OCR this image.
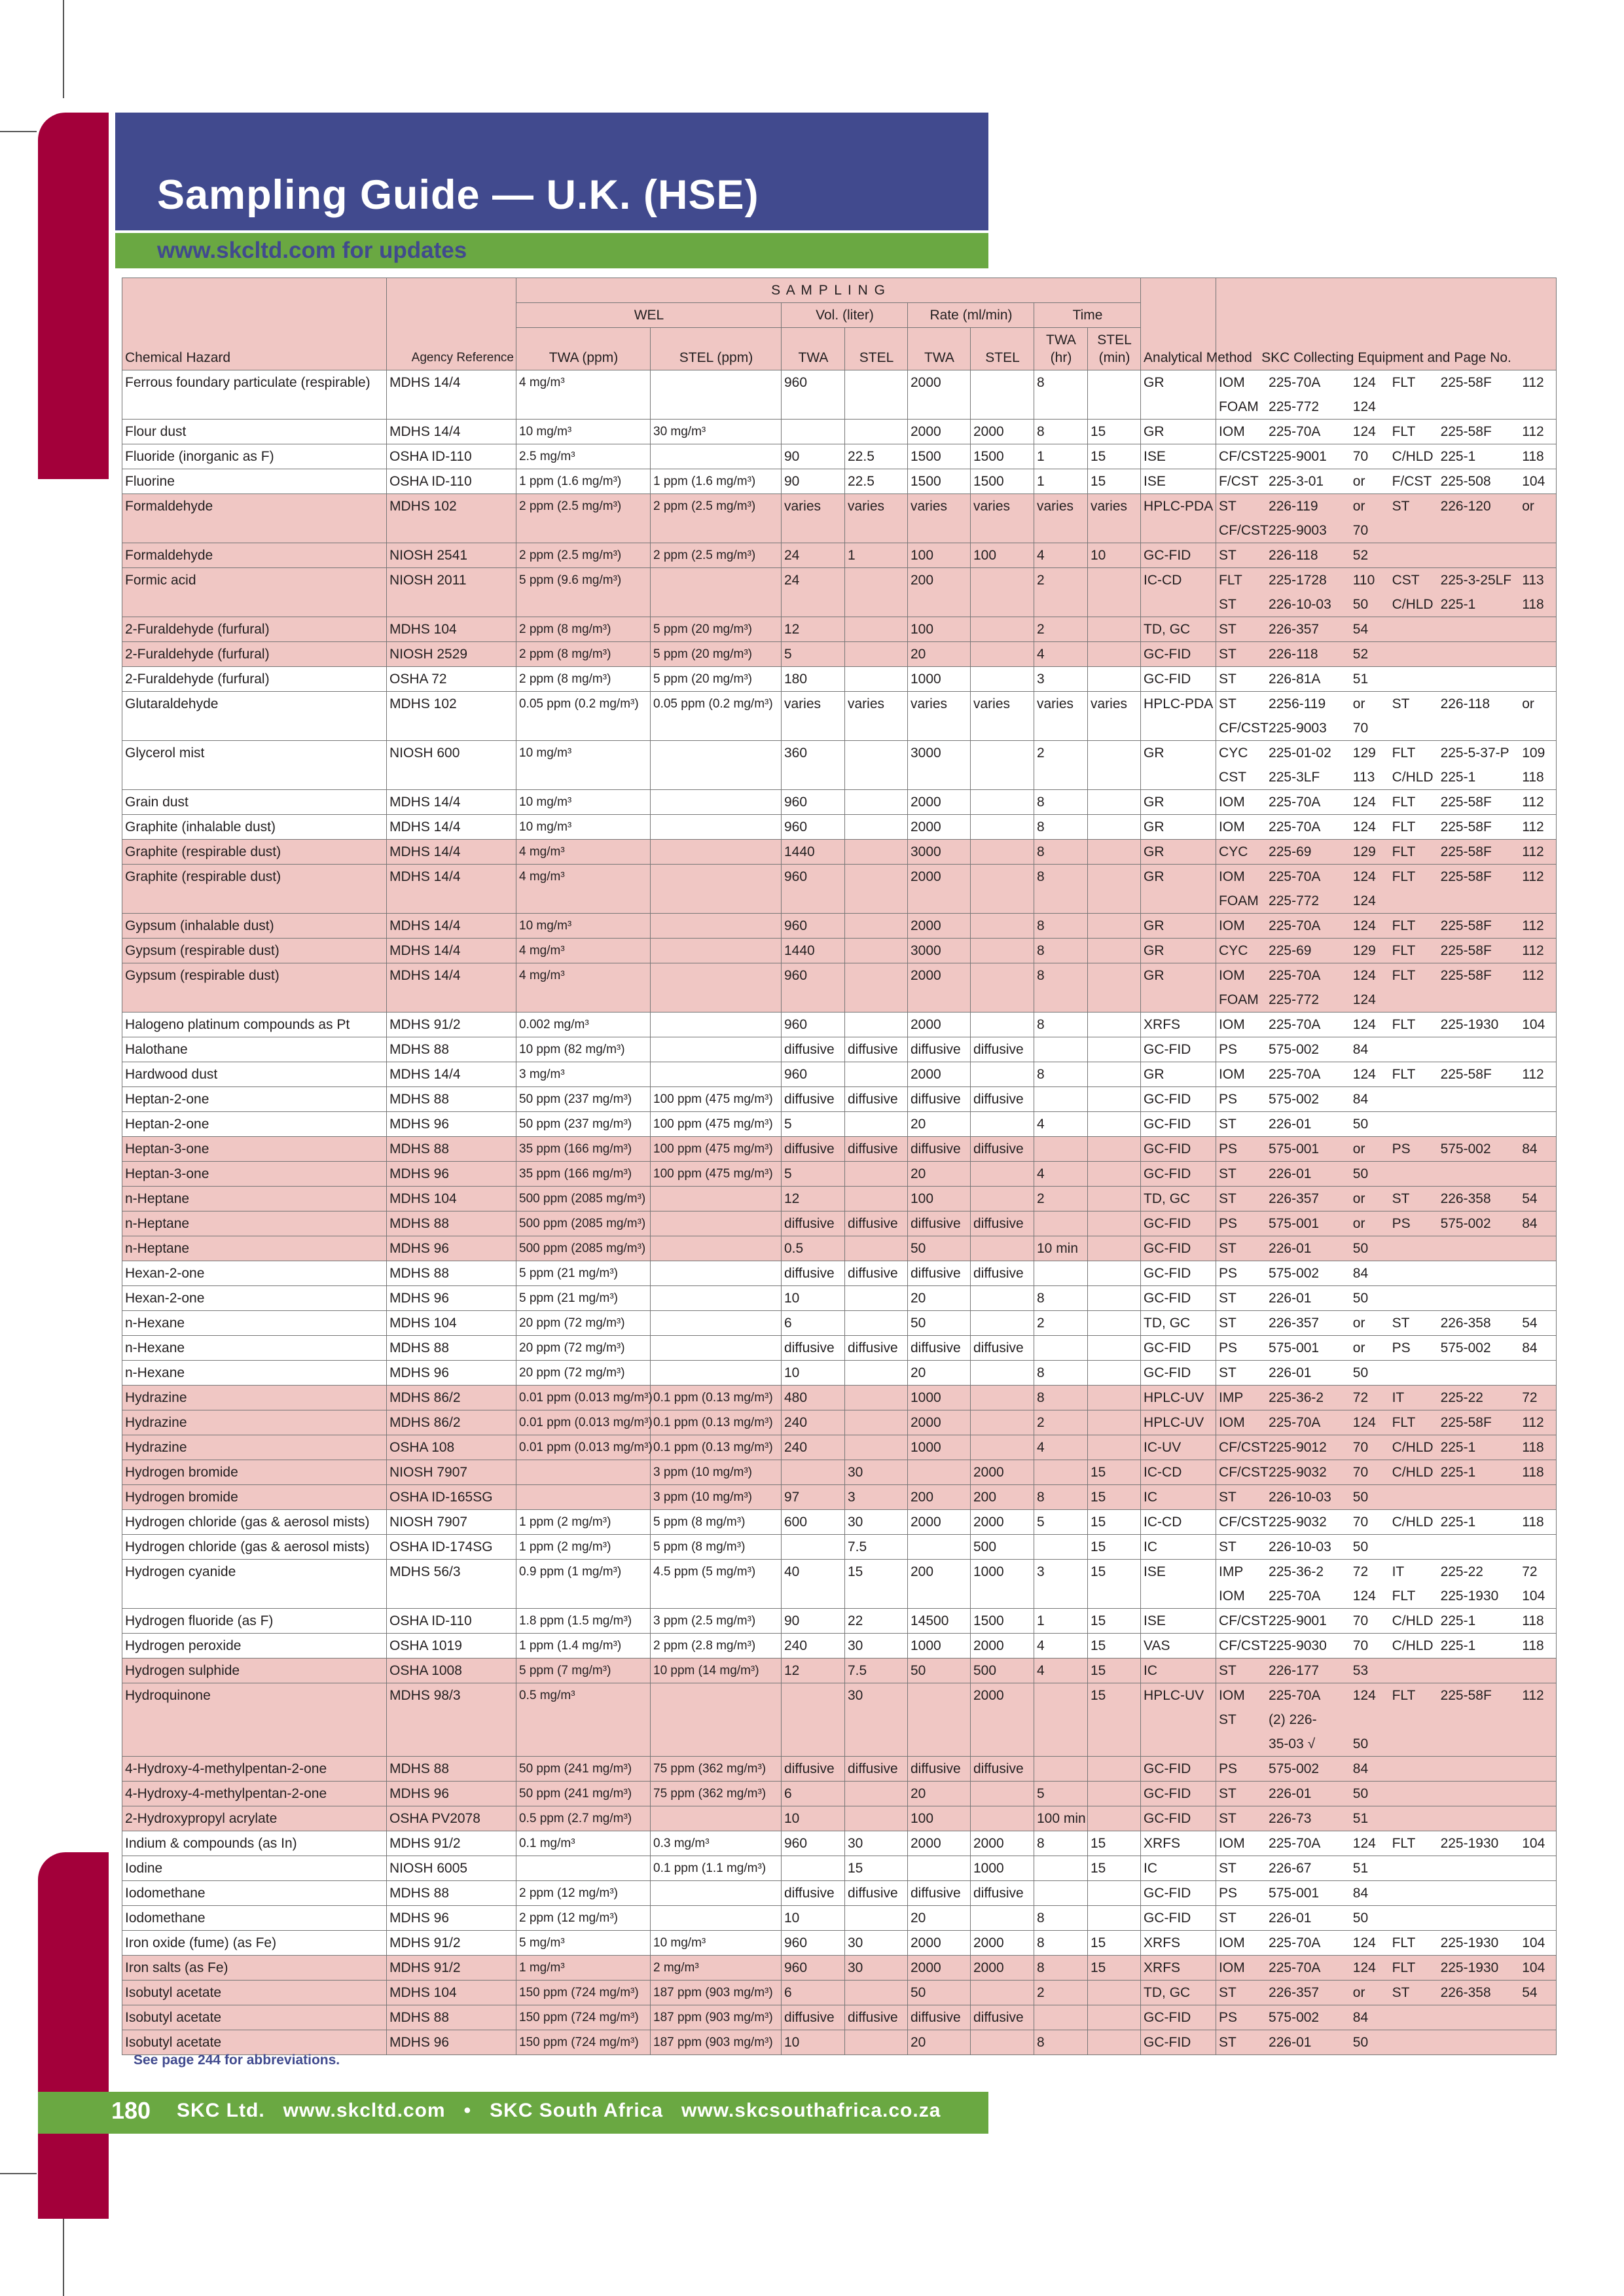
Sampling Guide — U.K. (HSE)
www.skcltd.com for updates
Chemical Hazard	Agency Reference	S A M P L I N G	Analytical Method	SKC Collecting Equipment and Page No.
WEL	Vol. (liter)	Rate (ml/min)	Time
TWA (ppm)	STEL (ppm)	TWA	STEL	TWA	STEL	TWA (hr)	STEL (min)

Ferrous foundary particulate (respirable)	MDHS 14/4	4 mg/m³		960		2000		8		GR		IOM	225-70A	124	FLT	225-58F	112
FOAM	225-772	124			

Flour dust	MDHS 14/4	10 mg/m³	30 mg/m³			2000	2000	8	15	GR		IOM	225-70A	124	FLT	225-58F	112

Fluoride (inorganic as F)	OSHA ID-110	2.5 mg/m³		90	22.5	1500	1500	1	15	ISE		CF/CST	225-9001	70	C/HLD	225-1	118

Fluorine	OSHA ID-110	1 ppm (1.6 mg/m³)	1 ppm (1.6 mg/m³)	90	22.5	1500	1500	1	15	ISE		F/CST	225-3-01	or	F/CST	225-508	104

Formaldehyde	MDHS 102	2 ppm (2.5 mg/m³)	2 ppm (2.5 mg/m³)	varies	varies	varies	varies	varies	varies	HPLC-PDA	ST	226-119	or	ST	226-120	or
CF/CST	225-9003	70			

Formaldehyde	NIOSH 2541	2 ppm (2.5 mg/m³)	2 ppm (2.5 mg/m³)	24	1	100	100	4	10	GC-FID	ST	226-118	52			

Formic acid	NIOSH 2011	5 ppm (9.6 mg/m³)		24		200		2		IC-CD		FLT	225-1728	110	CST	225-3-25LF	113
ST	226-10-03	50	C/HLD	225-1	118

2-Furaldehyde (furfural)	MDHS 104	2 ppm (8 mg/m³)	5 ppm (20 mg/m³)	12		100		2		TD, GC	ST	226-357	54			

2-Furaldehyde (furfural)	NIOSH 2529	2 ppm (8 mg/m³)	5 ppm (20 mg/m³)	5		20		4		GC-FID	ST	226-118	52			

2-Furaldehyde (furfural)	OSHA 72	2 ppm (8 mg/m³)	5 ppm (20 mg/m³)	180		1000		3		GC-FID	ST	226-81A	51			

Glutaraldehyde	MDHS 102	0.05 ppm (0.2 mg/m³)	0.05 ppm (0.2 mg/m³)	varies	varies	varies	varies	varies	varies	HPLC-PDA	ST	2256-119	or	ST	226-118	or
CF/CST	225-9003	70			

Glycerol mist	NIOSH 600	10 mg/m³		360		3000		2		GR		CYC	225-01-02	129	FLT	225-5-37-P	109
CST	225-3LF	113	C/HLD	225-1	118

Grain dust	MDHS 14/4	10 mg/m³		960		2000		8		GR		IOM	225-70A	124	FLT	225-58F	112

Graphite (inhalable dust)	MDHS 14/4	10 mg/m³		960		2000		8		GR		IOM	225-70A	124	FLT	225-58F	112

Graphite (respirable dust)	MDHS 14/4	4 mg/m³		1440		3000		8		GR		CYC	225-69	129	FLT	225-58F	112

Graphite (respirable dust)	MDHS 14/4	4 mg/m³		960		2000		8		GR		IOM	225-70A	124	FLT	225-58F	112
FOAM	225-772	124			

Gypsum (inhalable dust)	MDHS 14/4	10 mg/m³		960		2000		8		GR		IOM	225-70A	124	FLT	225-58F	112

Gypsum (respirable dust)	MDHS 14/4	4 mg/m³		1440		3000		8		GR		CYC	225-69	129	FLT	225-58F	112

Gypsum (respirable dust)	MDHS 14/4	4 mg/m³		960		2000		8		GR		IOM	225-70A	124	FLT	225-58F	112
FOAM	225-772	124			

Halogeno platinum compounds as Pt	MDHS 91/2	0.002 mg/m³		960		2000		8		XRFS		IOM	225-70A	124	FLT	225-1930	104

Halothane	MDHS 88	10 ppm (82 mg/m³)		diffusive	diffusive	diffusive	diffusive			GC-FID	PS	575-002	84			

Hardwood dust	MDHS 14/4	3 mg/m³		960		2000		8		GR		IOM	225-70A	124	FLT	225-58F	112

Heptan-2-one	MDHS 88	50 ppm (237 mg/m³)	100 ppm (475 mg/m³)	diffusive	diffusive	diffusive	diffusive			GC-FID	PS	575-002	84			

Heptan-2-one	MDHS 96	50 ppm (237 mg/m³)	100 ppm (475 mg/m³)	5		20		4		GC-FID	ST	226-01	50			

Heptan-3-one	MDHS 88	35 ppm (166 mg/m³)	100 ppm (475 mg/m³)	diffusive	diffusive	diffusive	diffusive			GC-FID	PS	575-001	or	PS	575-002	84

Heptan-3-one	MDHS 96	35 ppm (166 mg/m³)	100 ppm (475 mg/m³)	5		20		4		GC-FID	ST	226-01	50			

n-Heptane	MDHS 104	500 ppm (2085 mg/m³)		12		100		2		TD, GC	ST	226-357	or	ST	226-358	54

n-Heptane	MDHS 88	500 ppm (2085 mg/m³)		diffusive	diffusive	diffusive	diffusive			GC-FID	PS	575-001	or	PS	575-002	84

n-Heptane	MDHS 96	500 ppm (2085 mg/m³)		0.5		50		10 min		GC-FID	ST	226-01	50			

Hexan-2-one	MDHS 88	5 ppm (21 mg/m³)		diffusive	diffusive	diffusive	diffusive			GC-FID	PS	575-002	84			

Hexan-2-one	MDHS 96	5 ppm (21 mg/m³)		10		20		8		GC-FID	ST	226-01	50			

n-Hexane	MDHS 104	20 ppm (72 mg/m³)		6		50		2		TD, GC	ST	226-357	or	ST	226-358	54

n-Hexane	MDHS 88	20 ppm (72 mg/m³)		diffusive	diffusive	diffusive	diffusive			GC-FID	PS	575-001	or	PS	575-002	84

n-Hexane	MDHS 96	20 ppm (72 mg/m³)		10		20		8		GC-FID	ST	226-01	50			

Hydrazine	MDHS 86/2	0.01 ppm (0.013 mg/m³)	0.1 ppm (0.13 mg/m³)	480		1000		8		HPLC-UV	IMP	225-36-2	72	IT	225-22	72

Hydrazine	MDHS 86/2	0.01 ppm (0.013 mg/m³)	0.1 ppm (0.13 mg/m³)	240		2000		2		HPLC-UV	IOM	225-70A	124	FLT	225-58F	112

Hydrazine	OSHA 108	0.01 ppm (0.013 mg/m³)	0.1 ppm (0.13 mg/m³)	240		1000		4		IC-UV		CF/CST	225-9012	70	C/HLD	225-1	118

Hydrogen bromide	NIOSH 7907		3 ppm (10 mg/m³)		30		2000		15	IC-CD		CF/CST	225-9032	70	C/HLD	225-1	118

Hydrogen bromide	OSHA ID-165SG		3 ppm (10 mg/m³)	97	3	200	200	8	15	IC		ST	226-10-03	50			

Hydrogen chloride (gas & aerosol mists)	NIOSH 7907	1 ppm (2 mg/m³)	5 ppm (8 mg/m³)	600	30	2000	2000	5	15	IC-CD		CF/CST	225-9032	70	C/HLD	225-1	118

Hydrogen chloride (gas & aerosol mists)	OSHA ID-174SG	1 ppm (2 mg/m³)	5 ppm (8 mg/m³)		7.5		500		15	IC		ST	226-10-03	50			

Hydrogen cyanide	MDHS 56/3	0.9 ppm (1 mg/m³)	4.5 ppm (5 mg/m³)	40	15	200	1000	3	15	ISE		IMP	225-36-2	72	IT	225-22	72
IOM	225-70A	124	FLT	225-1930	104

Hydrogen fluoride (as F)	OSHA ID-110	1.8 ppm (1.5 mg/m³)	3 ppm (2.5 mg/m³)	90	22	14500	1500	1	15	ISE		CF/CST	225-9001	70	C/HLD	225-1	118

Hydrogen peroxide	OSHA 1019	1 ppm (1.4 mg/m³)	2 ppm (2.8 mg/m³)	240	30	1000	2000	4	15	VAS		CF/CST	225-9030	70	C/HLD	225-1	118

Hydrogen sulphide	OSHA 1008	5 ppm (7 mg/m³)	10 ppm (14 mg/m³)	12	7.5	50	500	4	15	IC		ST	226-177	53			

Hydroquinone	MDHS 98/3	0.5 mg/m³			30		2000		15	HPLC-UV	IOM	225-70A	124	FLT	225-58F	112
ST	(2) 226-				
	35-03 √	50			

4-Hydroxy-4-methylpentan-2-one	MDHS 88	50 ppm (241 mg/m³)	75 ppm (362 mg/m³)	diffusive	diffusive	diffusive	diffusive			GC-FID	PS	575-002	84			

4-Hydroxy-4-methylpentan-2-one	MDHS 96	50 ppm (241 mg/m³)	75 ppm (362 mg/m³)	6		20		5		GC-FID	ST	226-01	50			

2-Hydroxypropyl acrylate	OSHA PV2078	0.5 ppm (2.7 mg/m³)		10		100		100 min		GC-FID	ST	226-73	51			

Indium & compounds (as In)	MDHS 91/2	0.1 mg/m³	0.3 mg/m³	960	30	2000	2000	8	15	XRFS		IOM	225-70A	124	FLT	225-1930	104

Iodine	NIOSH 6005		0.1 ppm (1.1 mg/m³)		15		1000		15	IC		ST	226-67	51			

Iodomethane	MDHS 88	2 ppm (12 mg/m³)		diffusive	diffusive	diffusive	diffusive			GC-FID	PS	575-001	84			

Iodomethane	MDHS 96	2 ppm (12 mg/m³)		10		20		8		GC-FID	ST	226-01	50			

Iron oxide (fume) (as Fe)	MDHS 91/2	5 mg/m³	10 mg/m³	960	30	2000	2000	8	15	XRFS		IOM	225-70A	124	FLT	225-1930	104

Iron salts (as Fe)	MDHS 91/2	1 mg/m³	2 mg/m³	960	30	2000	2000	8	15	XRFS		IOM	225-70A	124	FLT	225-1930	104

Isobutyl acetate	MDHS 104	150 ppm (724 mg/m³)	187 ppm (903 mg/m³)	6		50		2		TD, GC	ST	226-357	or	ST	226-358	54

Isobutyl acetate	MDHS 88	150 ppm (724 mg/m³)	187 ppm (903 mg/m³)	diffusive	diffusive	diffusive	diffusive			GC-FID	PS	575-002	84			

Isobutyl acetate	MDHS 96	150 ppm (724 mg/m³)	187 ppm (903 mg/m³)	10		20		8		GC-FID	ST	226-01	50			
See page 244 for abbreviations.
180 SKC Ltd.   www.skcltd.com   •   SKC South Africa   www.skcsouthafrica.co.za
